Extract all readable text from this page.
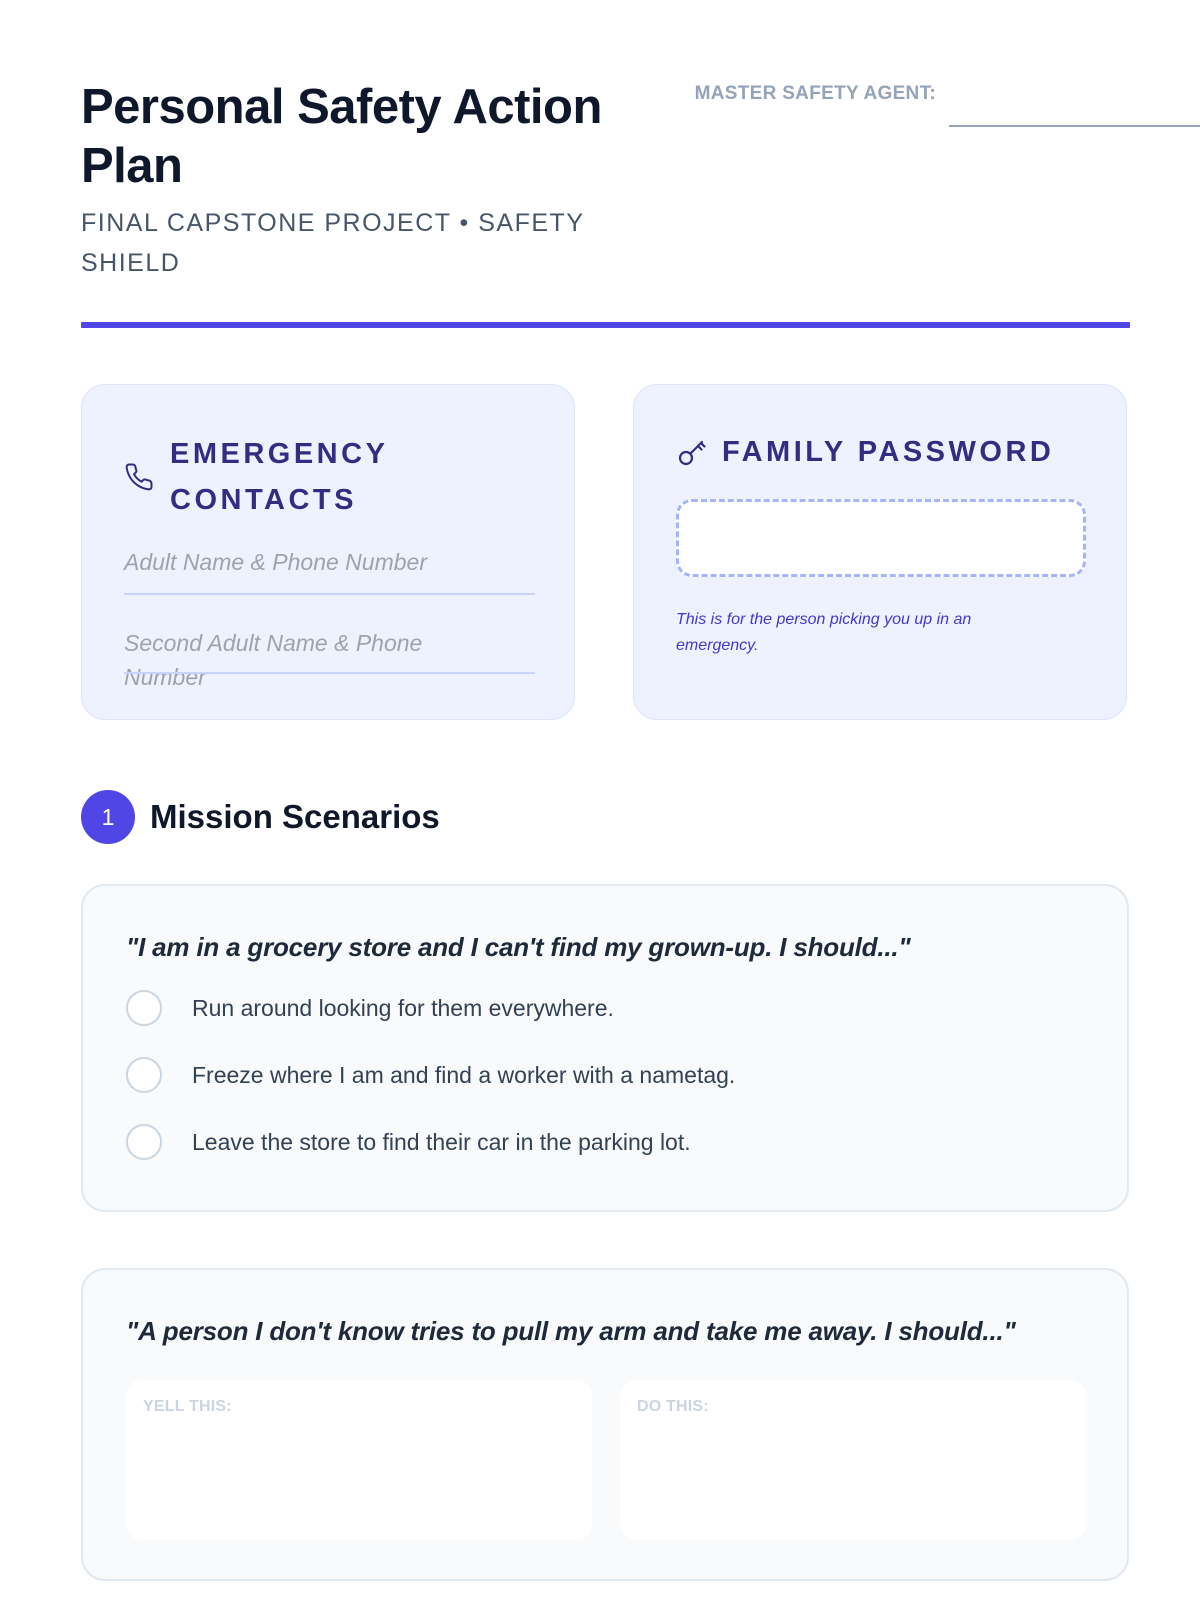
Personal Safety Action Plan
FINAL CAPSTONE PROJECT • SAFETY SHIELD
MASTER SAFETY AGENT:
EMERGENCY CONTACTS
Adult Name & Phone Number
Second Adult Name & Phone Number
FAMILY PASSWORD
This is for the person picking you up in an emergency.
1	Mission Scenarios
"I am in a grocery store and I can't find my grown-up. I should..."
Run around looking for them everywhere.
Freeze where I am and find a worker with a nametag.
Leave the store to find their car in the parking lot.
"A person I don't know tries to pull my arm and take me away. I should..."
YELL THIS:	DO THIS:
